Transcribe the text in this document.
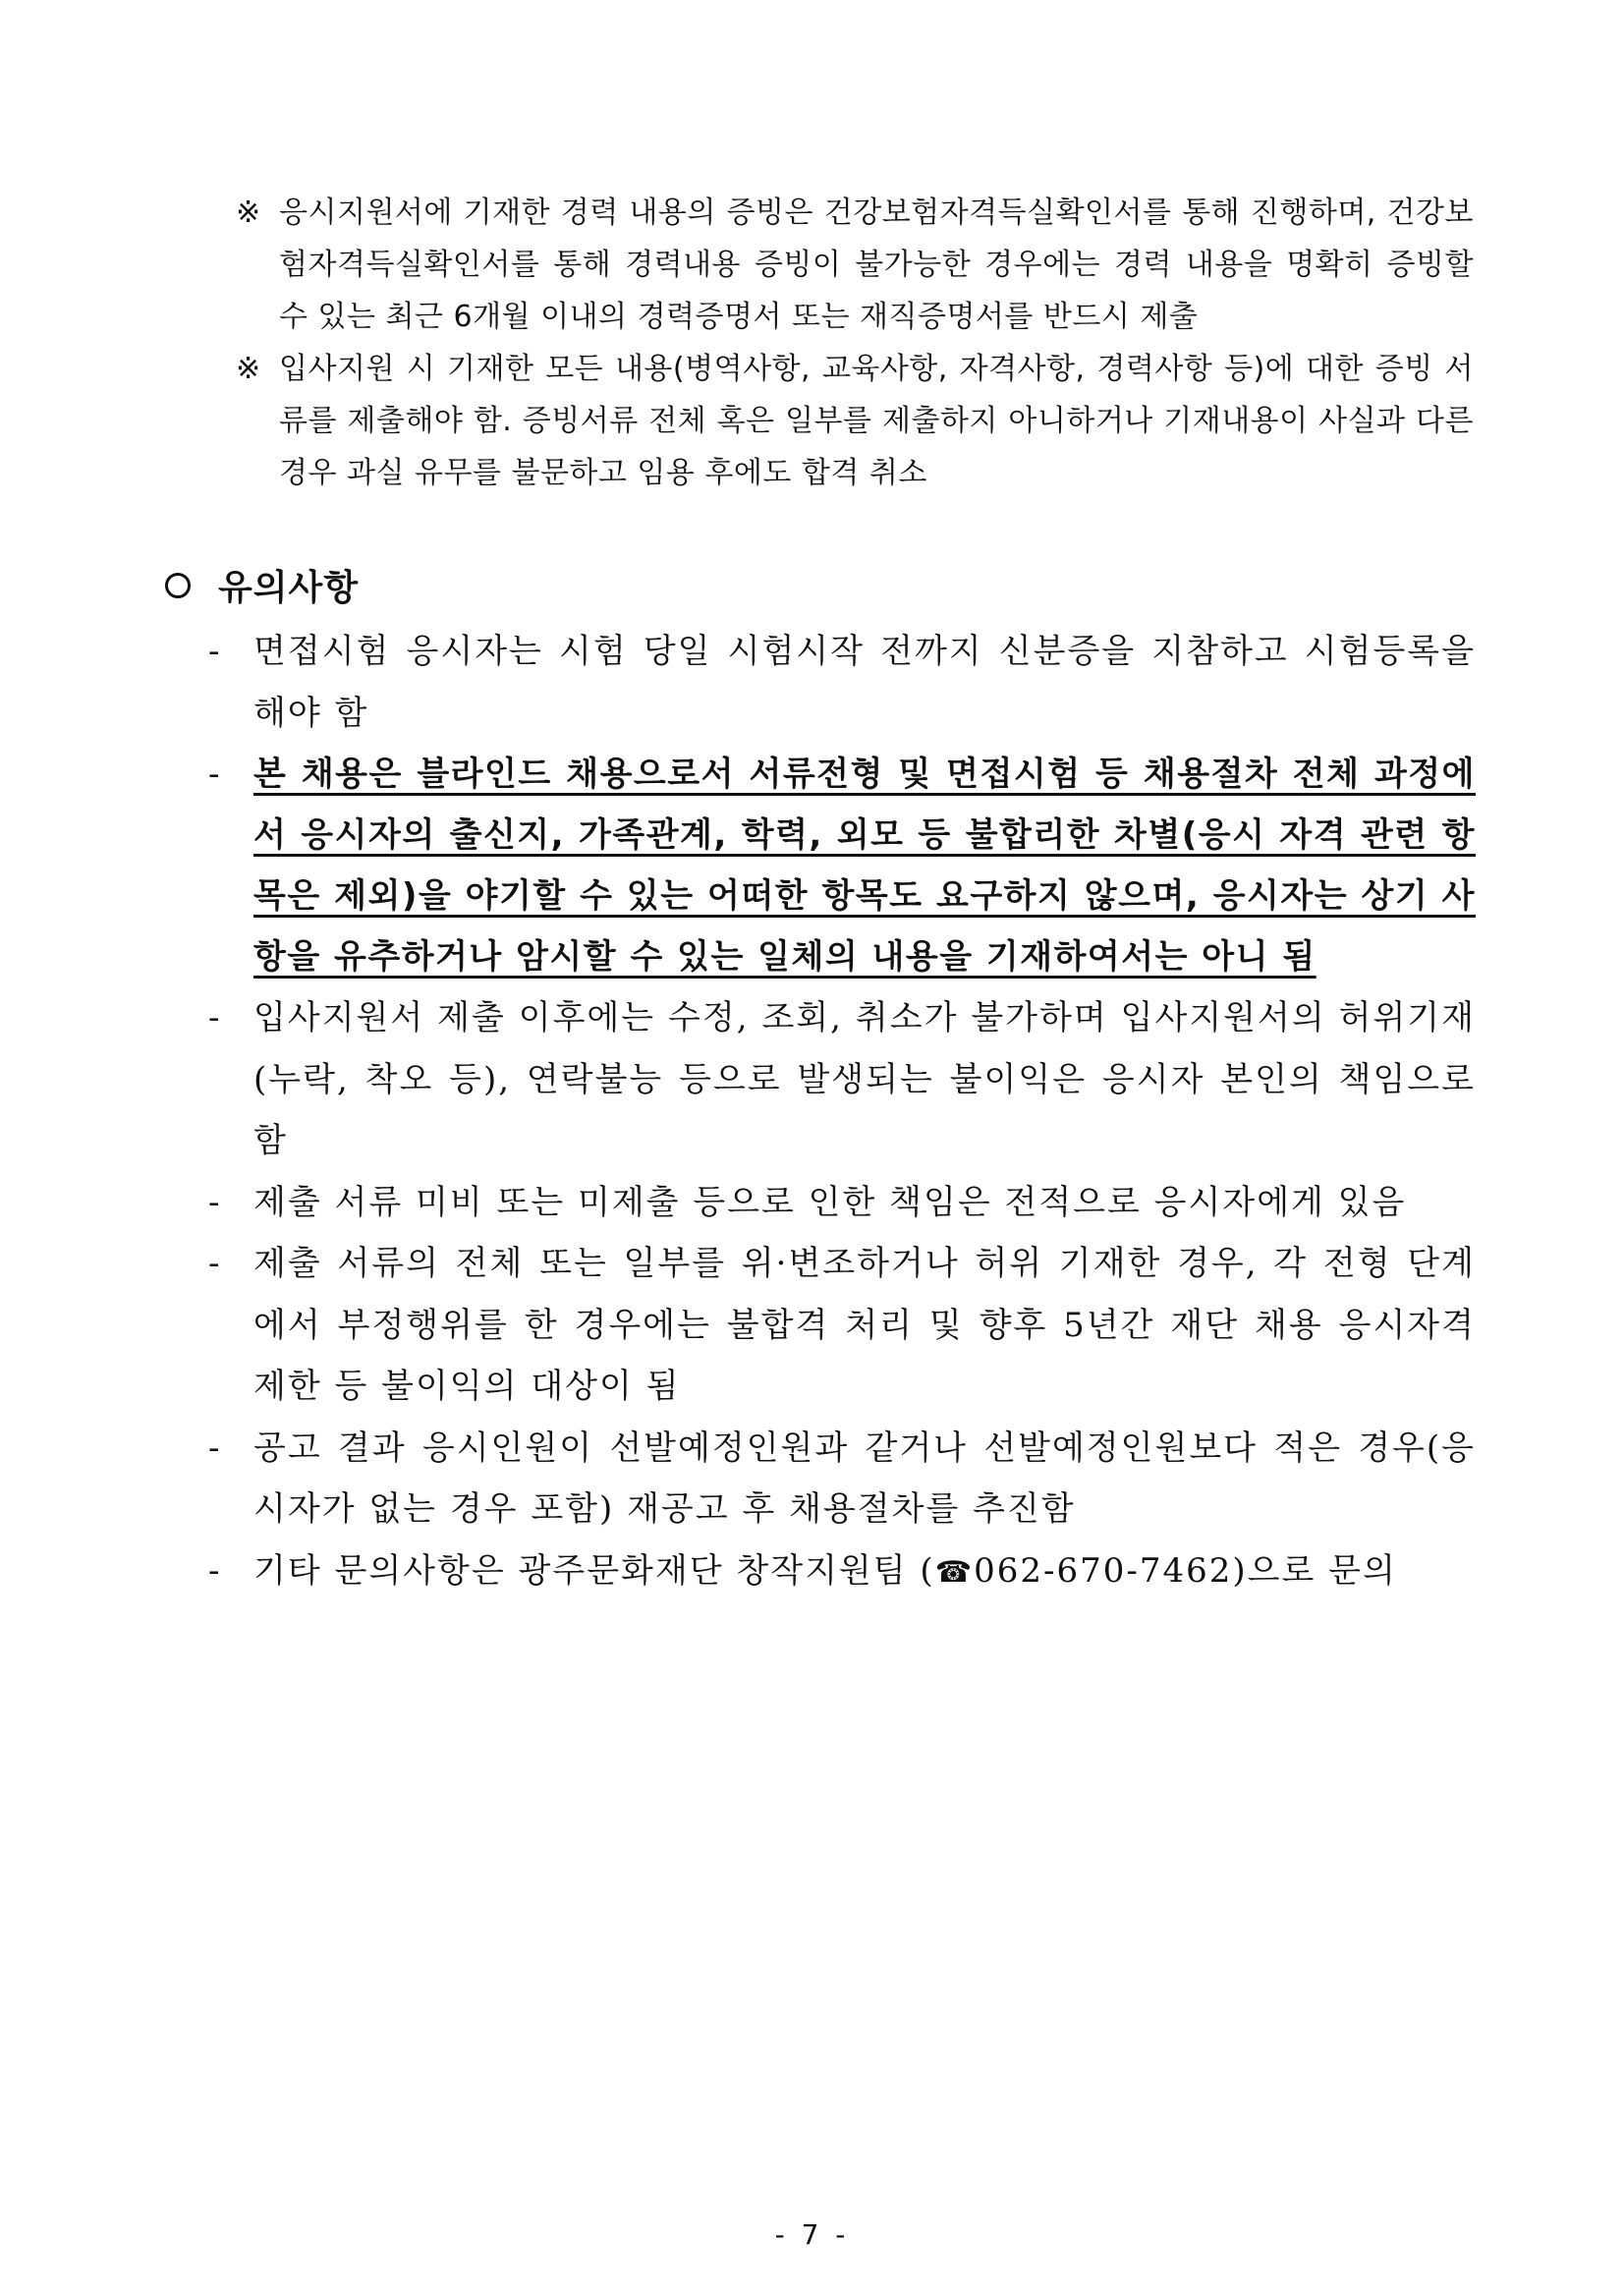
※ 응시지원서에 기재한 경력 내용의 증빙은 건강보험자격득실확인서를 통해 진행하며, 건강보험자격득실확인서를 통해 경력내용 증빙이 불가능한 경우에는 경력 내용을 명확히 증빙할 수 있는 최근 6개월 이내의 경력증명서 또는 재직증명서를 반드시 제출
※ 입사지원 시 기재한 모든 내용(병역사항, 교육사항, 자격사항, 경력사항 등)에 대한 증빙 서류를 제출해야 함. 증빙서류 전체 혹은 일부를 제출하지 아니하거나 기재내용이 사실과 다른 경우 과실 유무를 불문하고 임용 후에도 합격 취소
유의사항
- 면접시험 응시자는 시험 당일 시험시작 전까지 신분증을 지참하고 시험등록을 해야 함
- 본 채용은 블라인드 채용으로서 서류전형 및 면접시험 등 채용절차 전체 과정에서 응시자의 출신지, 가족관계, 학력, 외모 등 불합리한 차별(응시 자격 관련 항목은 제외)을 야기할 수 있는 어떠한 항목도 요구하지 않으며, 응시자는 상기 사항을 유추하거나 암시할 수 있는 일체의 내용을 기재하여서는 아니 됨
- 입사지원서 제출 이후에는 수정, 조회, 취소가 불가하며 입사지원서의 허위기재(누락, 착오 등), 연락불능 등으로 발생되는 불이익은 응시자 본인의 책임으로 함
- 제출 서류 미비 또는 미제출 등으로 인한 책임은 전적으로 응시자에게 있음
- 제출 서류의 전체 또는 일부를 위·변조하거나 허위 기재한 경우, 각 전형 단계에서 부정행위를 한 경우에는 불합격 처리 및 향후 5년간 재단 채용 응시자격 제한 등 불이익의 대상이 됨
- 공고 결과 응시인원이 선발예정인원과 같거나 선발예정인원보다 적은 경우(응시자가 없는 경우 포함) 재공고 후 채용절차를 추진함
- 기타 문의사항은 광주문화재단 창작지원팀 (☎062-670-7462)으로 문의
- 7 -
